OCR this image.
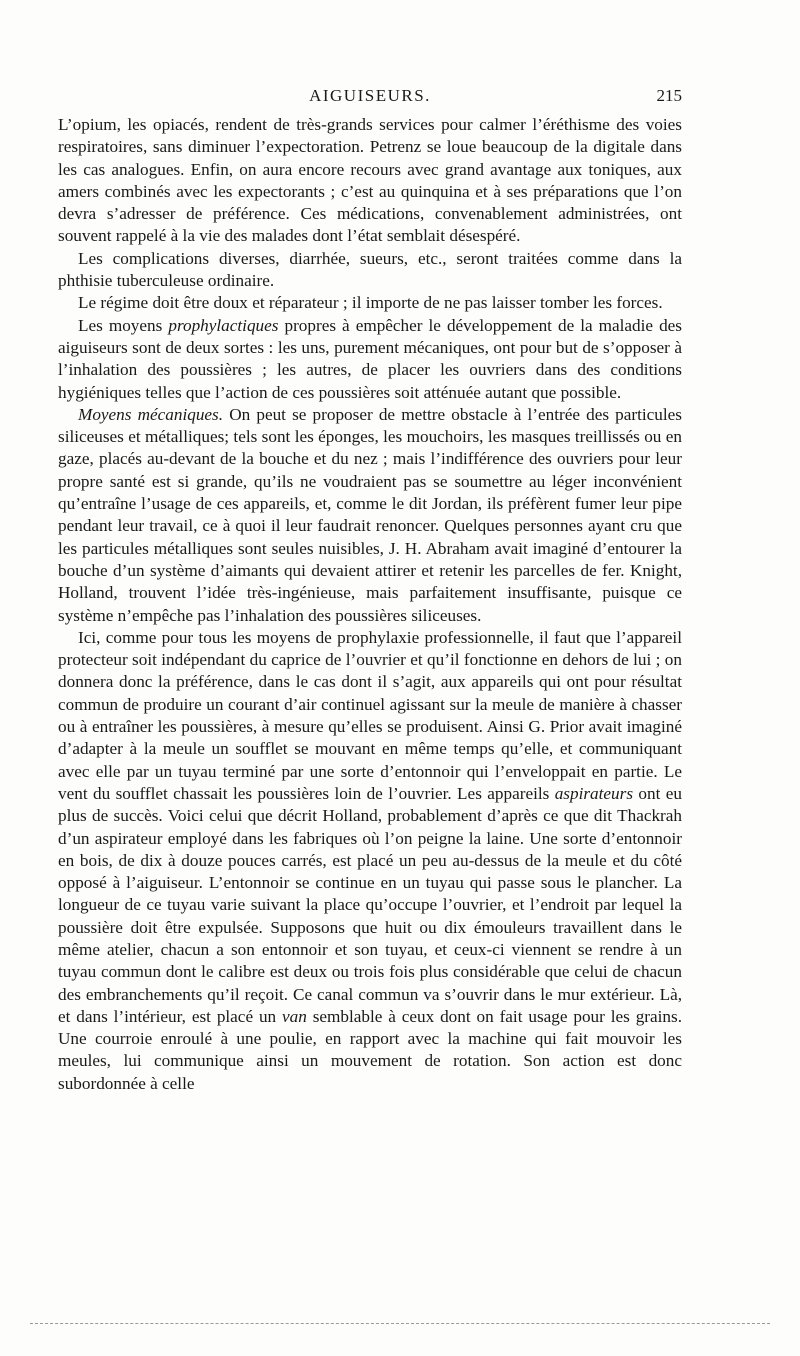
AIGUISEURS.	215

L’opium, les opiacés, rendent de très-grands services pour calmer l’éréthisme des voies respiratoires, sans diminuer l’expectoration. Petrenz se loue beaucoup de la digitale dans les cas analogues. Enfin, on aura encore recours avec grand avantage aux toniques, aux amers combinés avec les expectorants ; c’est au quinquina et à ses préparations que l’on devra s’adresser de préférence. Ces médications, convenablement administrées, ont souvent rappelé à la vie des malades dont l’état semblait désespéré.

Les complications diverses, diarrhée, sueurs, etc., seront traitées comme dans la phthisie tuberculeuse ordinaire.

Le régime doit être doux et réparateur ; il importe de ne pas laisser tomber les forces.

Les moyens prophylactiques propres à empêcher le développement de la maladie des aiguiseurs sont de deux sortes : les uns, purement mécaniques, ont pour but de s’opposer à l’inhalation des poussières ; les autres, de placer les ouvriers dans des conditions hygiéniques telles que l’action de ces poussières soit atténuée autant que possible.

Moyens mécaniques. On peut se proposer de mettre obstacle à l’entrée des particules siliceuses et métalliques; tels sont les éponges, les mouchoirs, les masques treillissés ou en gaze, placés au-devant de la bouche et du nez ; mais l’indifférence des ouvriers pour leur propre santé est si grande, qu’ils ne voudraient pas se soumettre au léger inconvénient qu’entraîne l’usage de ces appareils, et, comme le dit Jordan, ils préfèrent fumer leur pipe pendant leur travail, ce à quoi il leur faudrait renoncer. Quelques personnes ayant cru que les particules métalliques sont seules nuisibles, J. H. Abraham avait imaginé d’entourer la bouche d’un système d’aimants qui devaient attirer et retenir les parcelles de fer. Knight, Holland, trouvent l’idée très-ingénieuse, mais parfaitement insuffisante, puisque ce système n’empêche pas l’inhalation des poussières siliceuses.

Ici, comme pour tous les moyens de prophylaxie professionnelle, il faut que l’appareil protecteur soit indépendant du caprice de l’ouvrier et qu’il fonctionne en dehors de lui ; on donnera donc la préférence, dans le cas dont il s’agit, aux appareils qui ont pour résultat commun de produire un courant d’air continuel agissant sur la meule de manière à chasser ou à entraîner les poussières, à mesure qu’elles se produisent. Ainsi G. Prior avait imaginé d’adapter à la meule un soufflet se mouvant en même temps qu’elle, et communiquant avec elle par un tuyau terminé par une sorte d’entonnoir qui l’enveloppait en partie. Le vent du soufflet chassait les poussières loin de l’ouvrier. Les appareils aspirateurs ont eu plus de succès. Voici celui que décrit Holland, probablement d’après ce que dit Thackrah d’un aspirateur employé dans les fabriques où l’on peigne la laine. Une sorte d’entonnoir en bois, de dix à douze pouces carrés, est placé un peu au-dessus de la meule et du côté opposé à l’aiguiseur. L’entonnoir se continue en un tuyau qui passe sous le plancher. La longueur de ce tuyau varie suivant la place qu’occupe l’ouvrier, et l’endroit par lequel la poussière doit être expulsée. Supposons que huit ou dix émouleurs travaillent dans le même atelier, chacun a son entonnoir et son tuyau, et ceux-ci viennent se rendre à un tuyau commun dont le calibre est deux ou trois fois plus considérable que celui de chacun des embranchements qu’il reçoit. Ce canal commun va s’ouvrir dans le mur extérieur. Là, et dans l’intérieur, est placé un van semblable à ceux dont on fait usage pour les grains. Une courroie enroulé à une poulie, en rapport avec la machine qui fait mouvoir les meules, lui communique ainsi un mouvement de rotation. Son action est donc subordonnée à celle
